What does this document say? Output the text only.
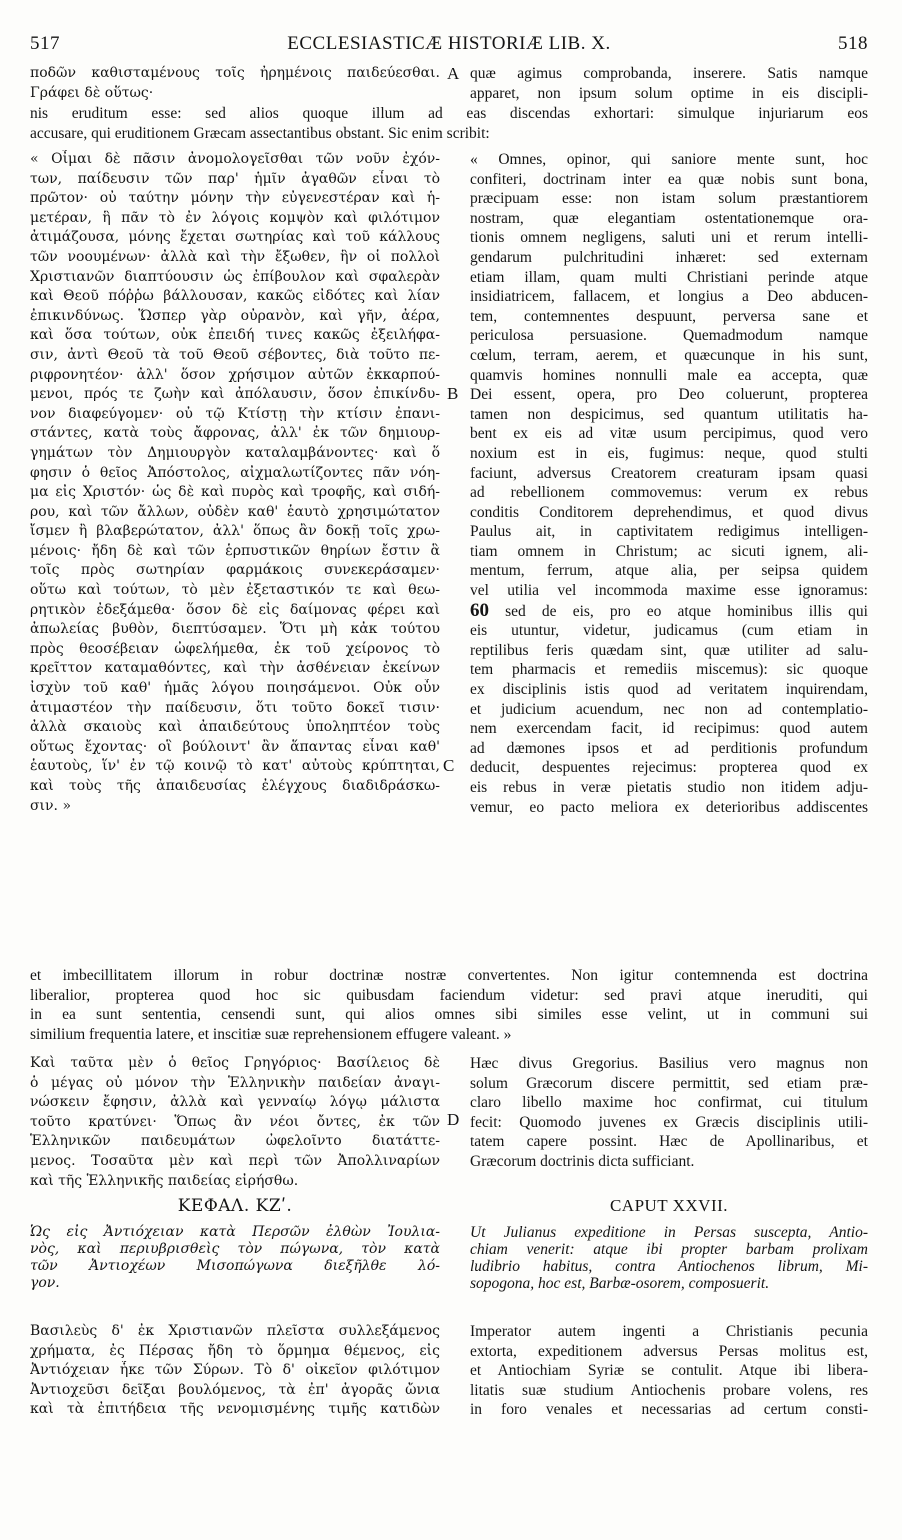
517	ECCLESIASTICÆ HISTORIÆ LIB. X.	518
ποδῶν καθισταμένους τοῖς ἠρημένοις παιδεύεσθαι.
Γράφει δὲ οὕτως·
quæ agimus comprobanda, inserere. Satis namque
apparet, non ipsum solum optime in eis discipli-
nis eruditum esse: sed alios quoque illum ad eas discendas exhortari: simulque injuriarum eos
accusare, qui eruditionem Græcam assectantibus obstant. Sic enim scribit:
« Οἶμαι δὲ πᾶσιν ἀνομολογεῖσθαι τῶν νοῦν ἐχόν-
των, παίδευσιν τῶν παρ' ἡμῖν ἀγαθῶν εἶναι τὸ
πρῶτον· οὐ ταύτην μόνην τὴν εὐγενεστέραν καὶ ἡ-
μετέραν, ἣ πᾶν τὸ ἐν λόγοις κομψὸν καὶ φιλότιμον
ἀτιμάζουσα, μόνης ἔχεται σωτηρίας καὶ τοῦ κάλλους
τῶν νοουμένων· ἀλλὰ καὶ τὴν ἔξωθεν, ἣν οἱ πολλοὶ
Χριστιανῶν διαπτύουσιν ὡς ἐπίβουλον καὶ σφαλερὰν
καὶ Θεοῦ πόῤῥω βάλλουσαν, κακῶς εἰδότες καὶ λίαν
ἐπικινδύνως. Ὥσπερ γὰρ οὐρανὸν, καὶ γῆν, ἀέρα,
καὶ ὅσα τούτων, οὐκ ἐπειδή τινες κακῶς ἐξειλήφα-
σιν, ἀντὶ Θεοῦ τὰ τοῦ Θεοῦ σέβοντες, διὰ τοῦτο πε-
ριφρονητέον· ἀλλ' ὅσον χρήσιμον αὐτῶν ἐκκαρπού-
μενοι, πρός τε ζωὴν καὶ ἀπόλαυσιν, ὅσον ἐπικίνδυ-
νον διαφεύγομεν· οὐ τῷ Κτίστῃ τὴν κτίσιν ἐπανι-
στάντες, κατὰ τοὺς ἄφρονας, ἀλλ' ἐκ τῶν δημιουρ-
γημάτων τὸν Δημιουργὸν καταλαμβάνοντες· καὶ ὅ
φησιν ὁ θεῖος Ἀπόστολος, αἰχμαλωτίζοντες πᾶν νόη-
μα εἰς Χριστόν· ὡς δὲ καὶ πυρὸς καὶ τροφῆς, καὶ σιδή-
ρου, καὶ τῶν ἄλλων, οὐδὲν καθ' ἑαυτὸ χρησιμώτατον
ἴσμεν ἢ βλαβερώτατον, ἀλλ' ὅπως ἂν δοκῇ τοῖς χρω-
μένοις· ἤδη δὲ καὶ τῶν ἑρπυστικῶν θηρίων ἔστιν ἃ
τοῖς πρὸς σωτηρίαν φαρμάκοις συνεκεράσαμεν·
οὕτω καὶ τούτων, τὸ μὲν ἐξεταστικόν τε καὶ θεω-
ρητικὸν ἐδεξάμεθα· ὅσον δὲ εἰς δαίμονας φέρει καὶ
ἀπωλείας βυθὸν, διεπτύσαμεν. Ὅτι μὴ κἀκ τούτου
πρὸς θεοσέβειαν ὠφελήμεθα, ἐκ τοῦ χείρονος τὸ
κρεῖττον καταμαθόντες, καὶ τὴν ἀσθένειαν ἐκείνων
ἰσχὺν τοῦ καθ' ἡμᾶς λόγου ποιησάμενοι. Οὐκ οὖν
ἀτιμαστέον τὴν παίδευσιν, ὅτι τοῦτο δοκεῖ τισιν·
ἀλλὰ σκαιοὺς καὶ ἀπαιδεύτους ὑποληπτέον τοὺς
οὕτως ἔχοντας· οἳ βούλοιντ' ἂν ἅπαντας εἶναι καθ'
ἑαυτοὺς, ἵν' ἐν τῷ κοινῷ τὸ κατ' αὐτοὺς κρύπτηται,
καὶ τοὺς τῆς ἀπαιδευσίας ἐλέγχους διαδιδράσκω-
σιν. »
« Omnes, opinor, qui saniore mente sunt, hoc
confiteri, doctrinam inter ea quæ nobis sunt bona,
præcipuam esse: non istam solum præstantiorem
nostram, quæ elegantiam ostentationemque ora-
tionis omnem negligens, saluti uni et rerum intelli-
gendarum pulchritudini inhæret: sed externam
etiam illam, quam multi Christiani perinde atque
insidiatricem, fallacem, et longius a Deo abducen-
tem, contemnentes despuunt, perversa sane et
periculosa persuasione. Quemadmodum namque
cœlum, terram, aerem, et quæcunque in his sunt,
quamvis homines nonnulli male ea accepta, quæ
Dei essent, opera, pro Deo coluerunt, propterea
tamen non despicimus, sed quantum utilitatis ha-
bent ex eis ad vitæ usum percipimus, quod vero
noxium est in eis, fugimus: neque, quod stulti
faciunt, adversus Creatorem creaturam ipsam quasi
ad rebellionem commovemus: verum ex rebus
conditis Conditorem deprehendimus, et quod divus
Paulus ait, in captivitatem redigimus intelligen-
tiam omnem in Christum; ac sicuti ignem, ali-
mentum, ferrum, atque alia, per seipsa quidem
vel utilia vel incommoda maxime esse ignoramus:
60 sed de eis, pro eo atque hominibus illis qui
eis utuntur, videtur, judicamus (cum etiam in
reptilibus feris quædam sint, quæ utiliter ad salu-
tem pharmacis et remediis miscemus): sic quoque
ex disciplinis istis quod ad veritatem inquirendam,
et judicium acuendum, nec non ad contemplatio-
nem exercendam facit, id recipimus: quod autem
ad dæmones ipsos et ad perditionis profundum
deducit, despuentes rejecimus: propterea quod ex
eis rebus in veræ pietatis studio non itidem adju-
vemur, eo pacto meliora ex deterioribus addiscentes
et imbecillitatem illorum in robur doctrinæ nostræ convertentes. Non igitur contemnenda est doctrina
liberalior, propterea quod hoc sic quibusdam faciendum videtur: sed pravi atque ineruditi, qui
in ea sunt sententia, censendi sunt, qui alios omnes sibi similes esse velint, ut in communi sui
similium frequentia latere, et inscitiæ suæ reprehensionem effugere valeant. »
Καὶ ταῦτα μὲν ὁ θεῖος Γρηγόριος· Βασίλειος δὲ
ὁ μέγας οὐ μόνον τὴν Ἑλληνικὴν παιδείαν ἀναγι-
νώσκειν ἔφησιν, ἀλλὰ καὶ γενναίῳ λόγῳ μάλιστα
τοῦτο κρατύνει· Ὅπως ἂν νέοι ὄντες, ἐκ τῶν
Ἑλληνικῶν παιδευμάτων ὠφελοῖντο διατάττε-
μενος. Τοσαῦτα μὲν καὶ περὶ τῶν Ἀπολλιναρίων
καὶ τῆς Ἑλληνικῆς παιδείας εἰρήσθω.
ΚΕΦΑΛ. ΚΖʹ.
Ὡς εἰς Ἀντιόχειαν κατὰ Περσῶν ἐλθὼν Ἰουλια-
νὸς, καὶ περιυβρισθεὶς τὸν πώγωνα, τὸν κατὰ
τῶν Ἀντιοχέων Μισοπώγωνα διεξῆλθε λό-
γον.
Βασιλεὺς δ' ἐκ Χριστιανῶν πλεῖστα συλλεξάμενος
χρήματα, ἐς Πέρσας ἤδη τὸ ὅρμημα θέμενος, εἰς
Ἀντιόχειαν ἧκε τῶν Σύρων. Τὸ δ' οἰκεῖον φιλότιμον
Ἀντιοχεῦσι δεῖξαι βουλόμενος, τὰ ἐπ' ἀγορᾶς ὤνια
καὶ τὰ ἐπιτήδεια τῆς νενομισμένης τιμῆς κατιδὼν
Hæc divus Gregorius. Basilius vero magnus non
solum Græcorum discere permittit, sed etiam præ-
claro libello maxime hoc confirmat, cui titulum
fecit: Quomodo juvenes ex Græcis disciplinis utili-
tatem capere possint. Hæc de Apollinaribus, et
Græcorum doctrinis dicta sufficiant.
CAPUT XXVII.
Ut Julianus expeditione in Persas suscepta, Antio-
chiam venerit: atque ibi propter barbam prolixam
ludibrio habitus, contra Antiochenos librum, Mi-
sopogona, hoc est, Barbæ-osorem, composuerit.
Imperator autem ingenti a Christianis pecunia
extorta, expeditionem adversus Persas molitus est,
et Antiochiam Syriæ se contulit. Atque ibi libera-
litatis suæ studium Antiochenis probare volens, res
in foro venales et necessarias ad certum consti-
A
B
C
D
